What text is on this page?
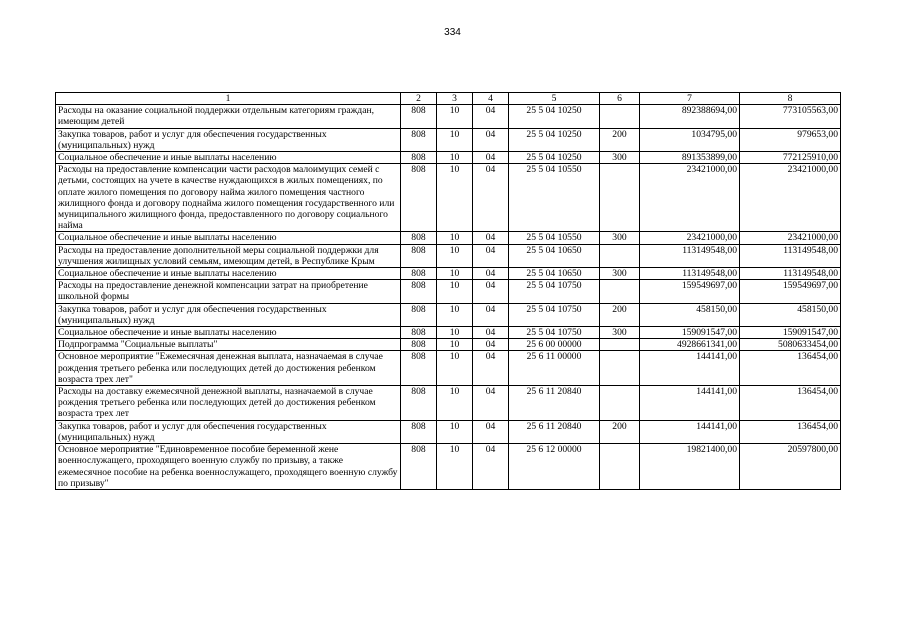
334
1	2	3	4	5	6	7	8
Расходы на оказание социальной поддержки отдельным категориям граждан, имеющим детей	808	10	04	25 5 04 10250		892388694,00	773105563,00
Закупка товаров, работ и услуг для обеспечения государственных (муниципальных) нужд	808	10	04	25 5 04 10250	200	1034795,00	979653,00
Социальное обеспечение и иные выплаты населению	808	10	04	25 5 04 10250	300	891353899,00	772125910,00
Расходы на предоставление компенсации части расходов малоимущих семей с детьми, состоящих на учете в качестве нуждающихся в жилых помещениях, по оплате жилого помещения по договору найма жилого помещения частного жилищного фонда и договору поднайма жилого помещения государственного или муниципального жилищного фонда, предоставленного по договору социального найма	808	10	04	25 5 04 10550		23421000,00	23421000,00
Социальное обеспечение и иные выплаты населению	808	10	04	25 5 04 10550	300	23421000,00	23421000,00
Расходы на предоставление дополнительной меры социальной поддержки для улучшения жилищных условий семьям, имеющим детей, в Республике Крым	808	10	04	25 5 04 10650		113149548,00	113149548,00
Социальное обеспечение и иные выплаты населению	808	10	04	25 5 04 10650	300	113149548,00	113149548,00
Расходы на предоставление денежной компенсации затрат на приобретение школьной формы	808	10	04	25 5 04 10750		159549697,00	159549697,00
Закупка товаров, работ и услуг для обеспечения государственных (муниципальных) нужд	808	10	04	25 5 04 10750	200	458150,00	458150,00
Социальное обеспечение и иные выплаты населению	808	10	04	25 5 04 10750	300	159091547,00	159091547,00
Подпрограмма "Социальные выплаты"	808	10	04	25 6 00 00000		4928661341,00	5080633454,00
Основное мероприятие "Ежемесячная денежная выплата, назначаемая в случае рождения третьего ребенка или последующих детей до достижения ребенком возраста трех лет"	808	10	04	25 6 11 00000		144141,00	136454,00
Расходы на доставку ежемесячной денежной выплаты, назначаемой в случае рождения третьего ребенка или последующих детей до достижения ребенком возраста трех лет	808	10	04	25 6 11 20840		144141,00	136454,00
Закупка товаров, работ и услуг для обеспечения государственных (муниципальных) нужд	808	10	04	25 6 11 20840	200	144141,00	136454,00
Основное мероприятие "Единовременное пособие беременной жене военнослужащего, проходящего военную службу по призыву, а также ежемесячное пособие на ребенка военнослужащего, проходящего военную службу по призыву"	808	10	04	25 6 12 00000		19821400,00	20597800,00
